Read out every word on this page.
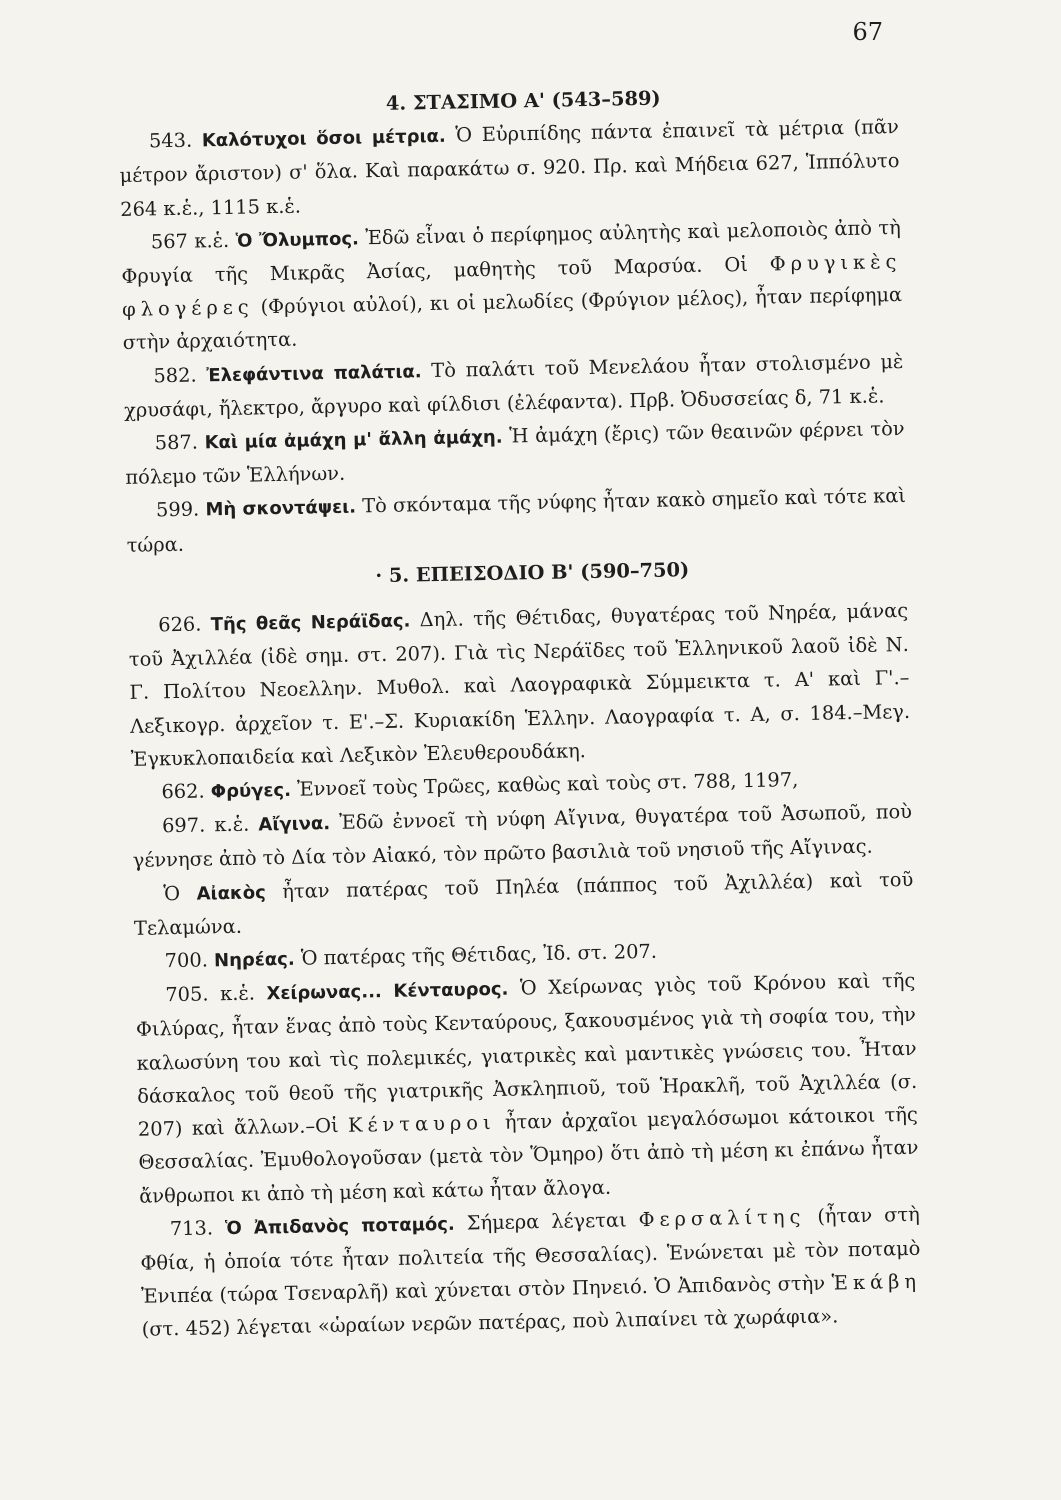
67
4. ΣΤΑΣΙΜΟ Α' (543–589)

543. Καλότυχοι ὅσοι μέτρια. Ὁ Εὐριπίδης πάντα ἐπαινεῖ τὰ μέτρια (πᾶν μέτρον ἄριστον) σ' ὅλα. Καὶ παρακάτω σ. 920. Πρ. καὶ Μήδεια 627, Ἱππόλυτο 264 κ.ἑ., 1115 κ.ἑ.

567 κ.ἑ. Ὁ Ὄλυμπος. Ἐδῶ εἶναι ὁ περίφημος αὐλητὴς καὶ μελοποιὸς ἀπὸ τὴ Φρυγία τῆς Μικρᾶς Ἀσίας, μαθητὴς τοῦ Μαρσύα. Οἱ Φρυγικὲς φλογέρες (Φρύγιοι αὐλοί), κι οἱ μελωδίες (Φρύγιον μέλος), ἦταν περίφημα στὴν ἀρχαιότητα.

582. Ἐλεφάντινα παλάτια. Τὸ παλάτι τοῦ Μενελάου ἦταν στολισμένο μὲ χρυσάφι, ἤλεκτρο, ἄργυρο καὶ φίλδισι (ἐλέφαντα). Πρβ. Ὀδυσσείας δ, 71 κ.ἑ.

587. Καὶ μία ἀμάχη μ' ἄλλη ἀμάχη. Ἡ ἀμάχη (ἔρις) τῶν θεαινῶν φέρνει τὸν πόλεμο τῶν Ἑλλήνων.

599. Μὴ σκοντάψει. Τὸ σκόνταμα τῆς νύφης ἦταν κακὸ σημεῖο καὶ τότε καὶ τώρα.

· 5. ΕΠΕΙΣΟΔΙΟ Β' (590–750)

626. Τῆς θεᾶς Νεράϊδας. Δηλ. τῆς Θέτιδας, θυγατέρας τοῦ Νηρέα, μάνας τοῦ Ἀχιλλέα (ἰδὲ σημ. στ. 207). Γιὰ τὶς Νεράϊδες τοῦ Ἑλληνικοῦ λαοῦ ἰδὲ Ν. Γ. Πολίτου Νεοελλην. Μυθολ. καὶ Λαογραφικὰ Σύμμεικτα τ. Α' καὶ Γ'.–Λεξικογρ. ἀρχεῖον τ. Ε'.–Σ. Κυριακίδη Ἑλλην. Λαογραφία τ. Α, σ. 184.–Μεγ. Ἐγκυκλοπαιδεία καὶ Λεξικὸν Ἐλευθερουδάκη.

662. Φρύγες. Ἐννοεῖ τοὺς Τρῶες, καθὼς καὶ τοὺς στ. 788, 1197,

697. κ.ἑ. Αἴγινα. Ἐδῶ ἐννοεῖ τὴ νύφη Αἴγινα, θυγατέρα τοῦ Ἀσωποῦ, ποὺ γέννησε ἀπὸ τὸ Δία τὸν Αἰακό, τὸν πρῶτο βασιλιὰ τοῦ νησιοῦ τῆς Αἴγινας.

Ὁ Αἰακὸς ἦταν πατέρας τοῦ Πηλέα (πάππος τοῦ Ἀχιλλέα) καὶ τοῦ Τελαμώνα.

700. Νηρέας. Ὁ πατέρας τῆς Θέτιδας, Ἰδ. στ. 207.

705. κ.ἑ. Χείρωνας... Κένταυρος. Ὁ Χείρωνας γιὸς τοῦ Κρόνου καὶ τῆς Φιλύρας, ἦταν ἕνας ἀπὸ τοὺς Κενταύρους, ξακουσμένος γιὰ τὴ σοφία του, τὴν καλωσύνη του καὶ τὶς πολεμικές, γιατρικὲς καὶ μαντικὲς γνώσεις του. Ἦταν δάσκαλος τοῦ θεοῦ τῆς γιατρικῆς Ἀσκληπιοῦ, τοῦ Ἡρακλῆ, τοῦ Ἀχιλλέα (σ. 207) καὶ ἄλλων.–Οἱ Κένταυροι ἦταν ἀρχαῖοι μεγαλόσωμοι κάτοικοι τῆς Θεσσαλίας. Ἐμυθολογοῦσαν (μετὰ τὸν Ὅμηρο) ὅτι ἀπὸ τὴ μέση κι ἐπάνω ἦταν ἄνθρωποι κι ἀπὸ τὴ μέση καὶ κάτω ἦταν ἄλογα.

713. Ὁ Ἀπιδανὸς ποταμός. Σήμερα λέγεται Φερσαλίτης (ἦταν στὴ Φθία, ἡ ὁποία τότε ἦταν πολιτεία τῆς Θεσσαλίας). Ἑνώνεται μὲ τὸν ποταμὸ Ἐνιπέα (τώρα Τσεναρλῆ) καὶ χύνεται στὸν Πηνειό. Ὁ Ἀπιδανὸς στὴν Ἑκάβη (στ. 452) λέγεται «ὡραίων νερῶν πατέρας, ποὺ λιπαίνει τὰ χωράφια».
